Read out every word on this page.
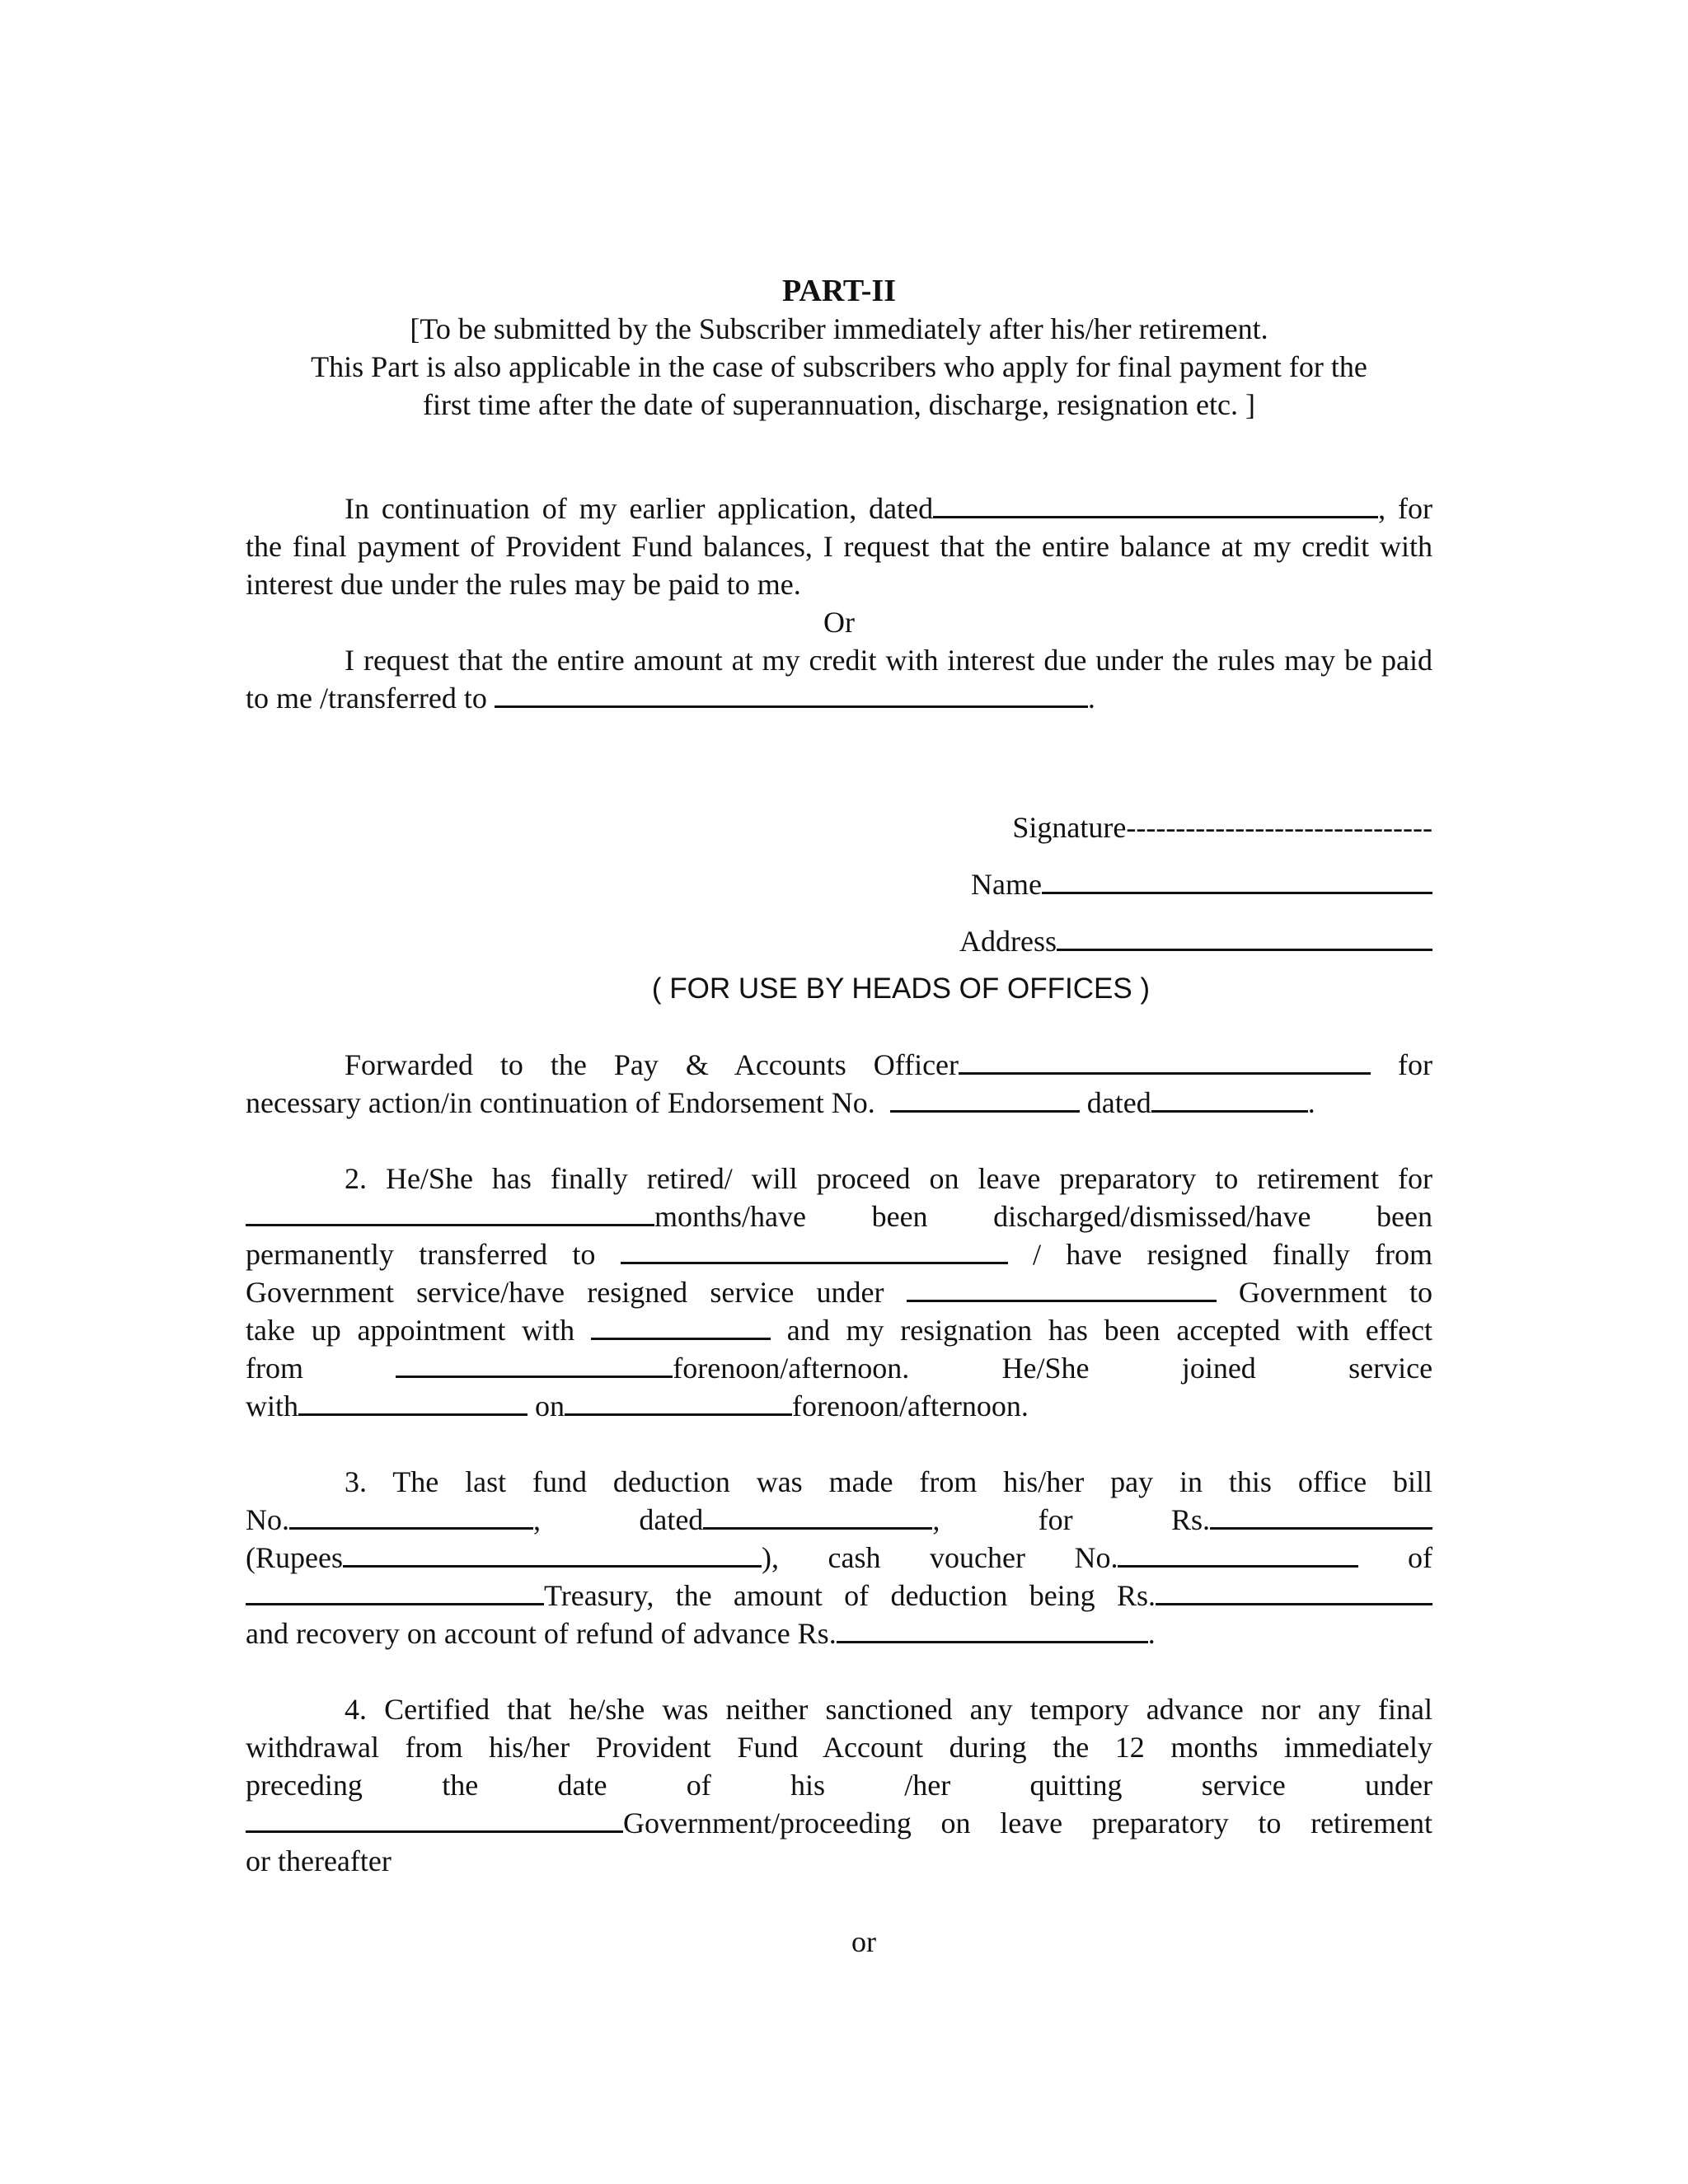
PART-II
[To be submitted by the Subscriber immediately after his/her retirement.
This Part is also applicable in the case of subscribers who apply for final payment for the
first time after the date of superannuation, discharge, resignation etc. ]
In continuation of my earlier application, dated	, for the final payment of Provident Fund balances, I request that the entire balance at my credit with interest due under the rules may be paid to me.
Or
I request that the entire amount at my credit with interest due under the rules may be paid to me /transferred to	.
Signature-------------------------------
Name
Address
( FOR USE BY HEADS OF OFFICES )
Forwarded to the Pay & Accounts Officer	for
necessary action/in continuation of Endorsement No.	dated	.
2. He/She has finally retired/ will proceed on leave preparatory to retirement for
months/have been discharged/dismissed/have been
permanently transferred to	/ have resigned finally from
Government service/have resigned service under	Government to
take up appointment with	and my resignation has been accepted with effect
from	forenoon/afternoon.	He/She	joined	service
with	on	forenoon/afternoon.
3. The last fund deduction was made from his/her pay in this office bill
No.	,	dated	,	for	Rs.
(Rupees	), cash voucher No.	of
Treasury, the amount of deduction being Rs.
and recovery on account of refund of advance Rs.	.
4. Certified that he/she was neither sanctioned any tempory advance nor any final
withdrawal from his/her Provident Fund Account during the 12 months immediately
preceding the date of his /her quitting service under
Government/proceeding on leave preparatory to retirement
or thereafter
or
